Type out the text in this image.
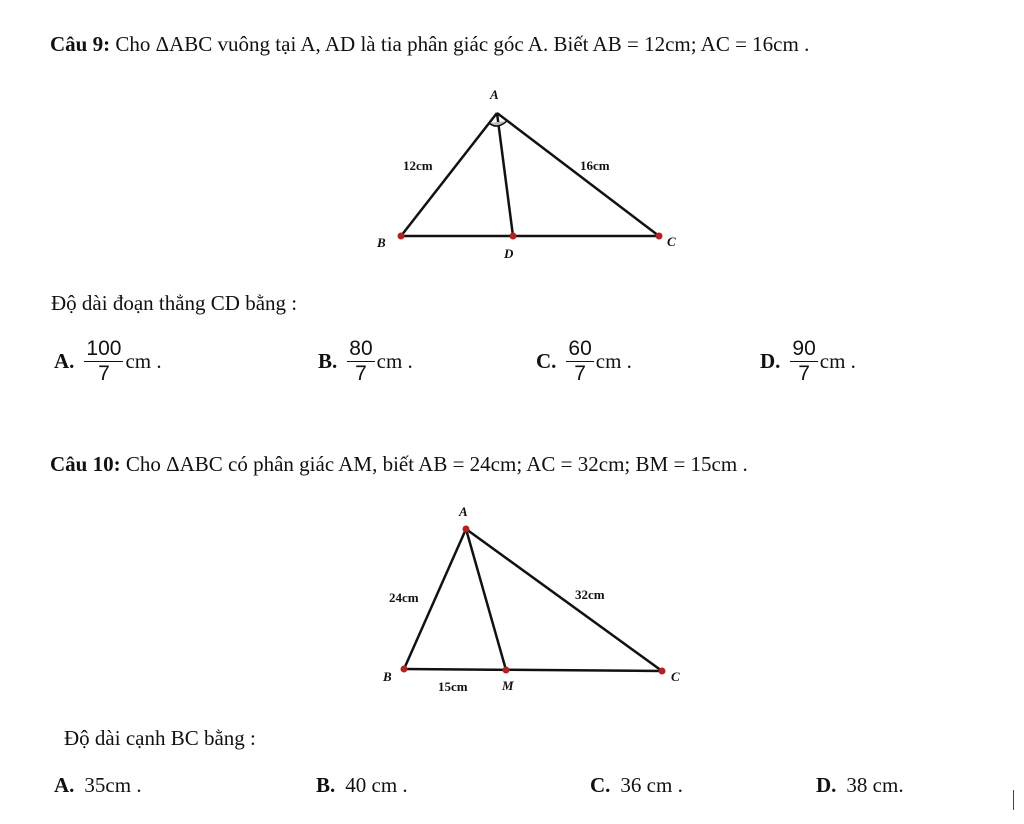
Câu 9: Cho ΔABC vuông tại A, AD là tia phân giác góc A. Biết AB = 12cm; AC = 16cm .
A
B	C
D
12cm	16cm
Độ dài đoạn thẳng CD bằng :
A. $\frac{100}{7}$ cm .	B. $\frac{80}{7}$ cm .	C. $\frac{60}{7}$ cm .	D. $\frac{90}{7}$ cm .
Câu 10: Cho ΔABC có phân giác AM, biết AB = 24cm; AC = 32cm; BM = 15cm .
A
B	C
M
24cm	32cm
15cm
Độ dài cạnh BC bằng :
A. 35cm .	B. 40 cm .	C. 36 cm .	D. 38 cm.
